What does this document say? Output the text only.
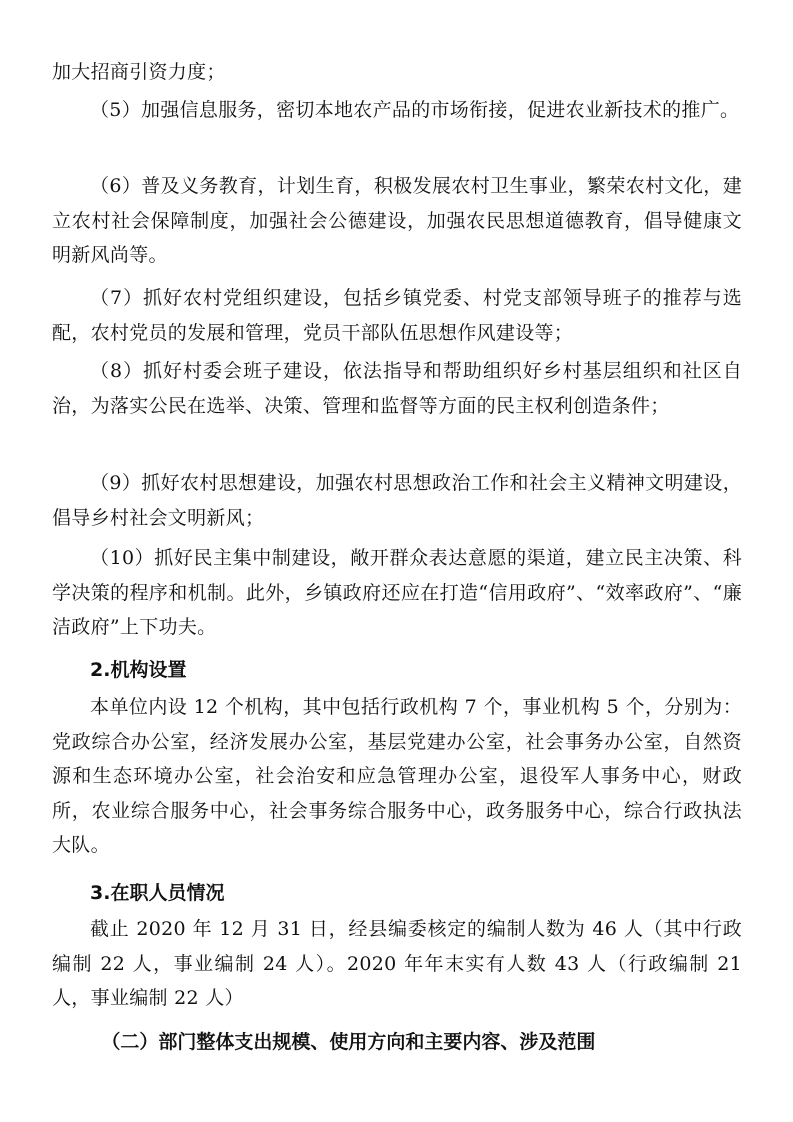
加大招商引资力度；

（5）加强信息服务，密切本地农产品的市场衔接，促进农业新技术的推广。

（6）普及义务教育，计划生育，积极发展农村卫生事业，繁荣农村文化，建立农村社会保障制度，加强社会公德建设，加强农民思想道德教育，倡导健康文明新风尚等。

（7）抓好农村党组织建设，包括乡镇党委、村党支部领导班子的推荐与选配，农村党员的发展和管理，党员干部队伍思想作风建设等；

（8）抓好村委会班子建设，依法指导和帮助组织好乡村基层组织和社区自治，为落实公民在选举、决策、管理和监督等方面的民主权利创造条件；

（9）抓好农村思想建设，加强农村思想政治工作和社会主义精神文明建设，倡导乡村社会文明新风；

（10）抓好民主集中制建设，敞开群众表达意愿的渠道，建立民主决策、科学决策的程序和机制。此外，乡镇政府还应在打造“信用政府”、“效率政府”、“廉洁政府”上下功夫。

2.机构设置

本单位内设 12 个机构，其中包括行政机构 7 个，事业机构 5 个，分别为：党政综合办公室，经济发展办公室，基层党建办公室，社会事务办公室，自然资源和生态环境办公室，社会治安和应急管理办公室，退役军人事务中心，财政所，农业综合服务中心，社会事务综合服务中心，政务服务中心，综合行政执法大队。

3.在职人员情况

截止 2020 年 12 月 31 日，经县编委核定的编制人数为 46 人（其中行政编制 22 人，事业编制 24 人）。2020 年年末实有人数 43 人（行政编制 21 人，事业编制 22 人）

（二）部门整体支出规模、使用方向和主要内容、涉及范围
